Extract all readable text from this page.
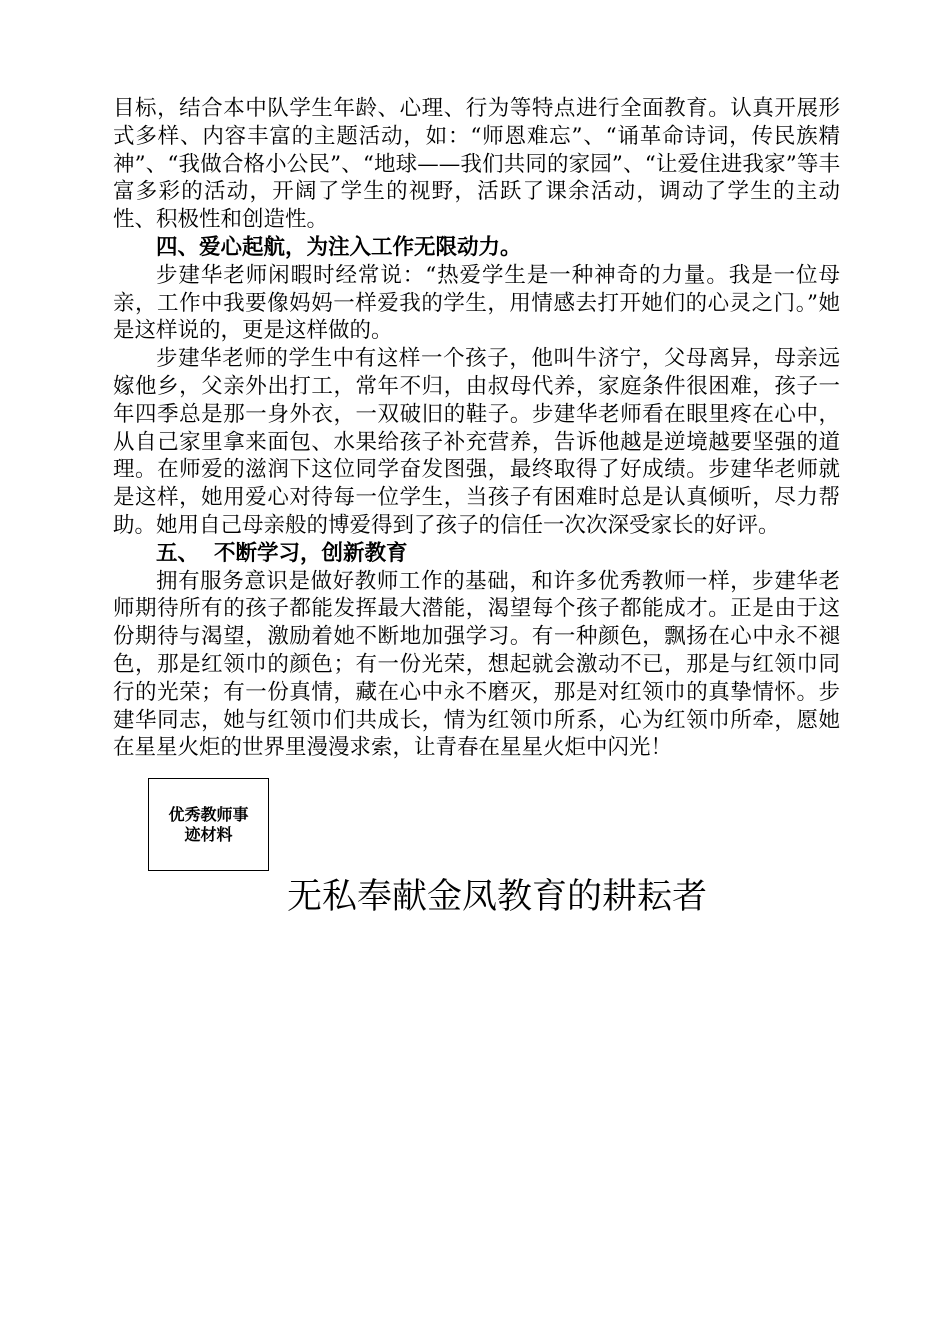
目标，结合本中队学生年龄、心理、行为等特点进行全面教育。认真开展形式多样、内容丰富的主题活动，如：“师恩难忘”、“诵革命诗词，传民族精神”、“我做合格小公民”、“地球——我们共同的家园”、“让爱住进我家”等丰富多彩的活动，开阔了学生的视野，活跃了课余活动，调动了学生的主动性、积极性和创造性。

四、爱心起航，为注入工作无限动力。

步建华老师闲暇时经常说：“热爱学生是一种神奇的力量。我是一位母亲，工作中我要像妈妈一样爱我的学生，用情感去打开她们的心灵之门。”她是这样说的，更是这样做的。

步建华老师的学生中有这样一个孩子，他叫牛济宁，父母离异，母亲远嫁他乡，父亲外出打工，常年不归，由叔母代养，家庭条件很困难，孩子一年四季总是那一身外衣，一双破旧的鞋子。步建华老师看在眼里疼在心中，从自己家里拿来面包、水果给孩子补充营养，告诉他越是逆境越要坚强的道理。在师爱的滋润下这位同学奋发图强，最终取得了好成绩。步建华老师就是这样，她用爱心对待每一位学生，当孩子有困难时总是认真倾听，尽力帮助。她用自己母亲般的博爱得到了孩子的信任一次次深受家长的好评。

五、  不断学习，创新教育

拥有服务意识是做好教师工作的基础，和许多优秀教师一样，步建华老师期待所有的孩子都能发挥最大潜能，渴望每个孩子都能成才。正是由于这份期待与渴望，激励着她不断地加强学习。有一种颜色，飘扬在心中永不褪色，那是红领巾的颜色；有一份光荣，想起就会激动不已，那是与红领巾同行的光荣；有一份真情，藏在心中永不磨灭，那是对红领巾的真挚情怀。步建华同志，她与红领巾们共成长，情为红领巾所系，心为红领巾所牵，愿她在星星火炬的世界里漫漫求索，让青春在星星火炬中闪光！

优秀教师事
迹材料
无私奉献金凤教育的耕耘者
